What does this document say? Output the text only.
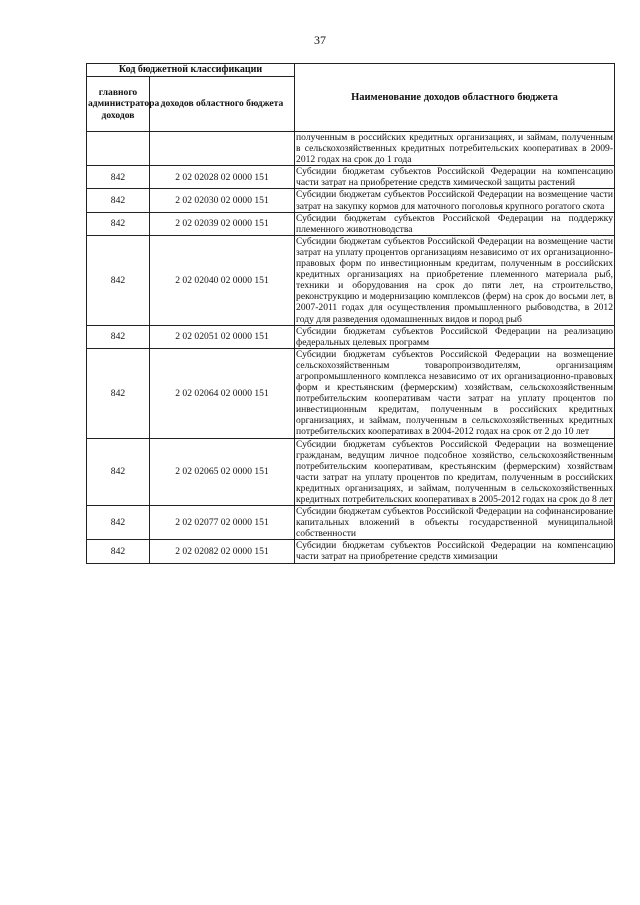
37
Код бюджетной классификации		Наименование доходов областного бюджета
главного администратора доходов	доходов областного бюджета	
		полученным в российских кредитных организациях, и займам, полученным в сельскохозяйственных кредитных потребительских кооперативах в 2009-2012 годах на срок до 1 года
842	2 02 02028 02 0000 151	Субсидии бюджетам субъектов Российской Федерации на компенсацию части затрат на приобретение средств химической защиты растений
842	2 02 02030 02 0000 151	Субсидии бюджетам субъектов Российской Федерации на возмещение части затрат на закупку кормов для маточного поголовья крупного рогатого скота
842	2 02 02039 02 0000 151	Субсидии бюджетам субъектов Российской Федерации на поддержку племенного животноводства
842	2 02 02040 02 0000 151	Субсидии бюджетам субъектов Российской Федерации на возмещение части затрат на уплату процентов организациям независимо от их организационно-правовых форм по инвестиционным кредитам, полученным в российских кредитных организациях на приобретение племенного материала рыб, техники и оборудования на срок до пяти лет, на строительство, реконструкцию и модернизацию комплексов (ферм) на срок до восьми лет, в 2007-2011 годах для осуществления промышленного рыбоводства, в 2012 году для разведения одомашненных видов и пород рыб
842	2 02 02051 02 0000 151	Субсидии бюджетам субъектов Российской Федерации на реализацию федеральных целевых программ
842	2 02 02064 02 0000 151	Субсидии бюджетам субъектов Российской Федерации на возмещение сельскохозяйственным товаропроизводителям, организациям агропромышленного комплекса независимо от их организационно-правовых форм и крестьянским (фермерским) хозяйствам, сельскохозяйственным потребительским кооперативам части затрат на уплату процентов по инвестиционным кредитам, полученным в российских кредитных организациях, и займам, полученным в сельскохозяйственных кредитных потребительских кооперативах в 2004-2012 годах на срок от 2 до 10 лет
842	2 02 02065 02 0000 151	Субсидии бюджетам субъектов Российской Федерации на возмещение гражданам, ведущим личное подсобное хозяйство, сельскохозяйственным потребительским кооперативам, крестьянским (фермерским) хозяйствам части затрат на уплату процентов по кредитам, полученным в российских кредитных организациях, и займам, полученным в сельскохозяйственных кредитных потребительских кооперативах в 2005-2012 годах на срок до 8 лет
842	2 02 02077 02 0000 151	Субсидии бюджетам субъектов Российской Федерации на софинансирование капитальных вложений в объекты государственной муниципальной собственности
842	2 02 02082 02 0000 151	Субсидии бюджетам субъектов Российской Федерации на компенсацию части затрат на приобретение средств химизации
